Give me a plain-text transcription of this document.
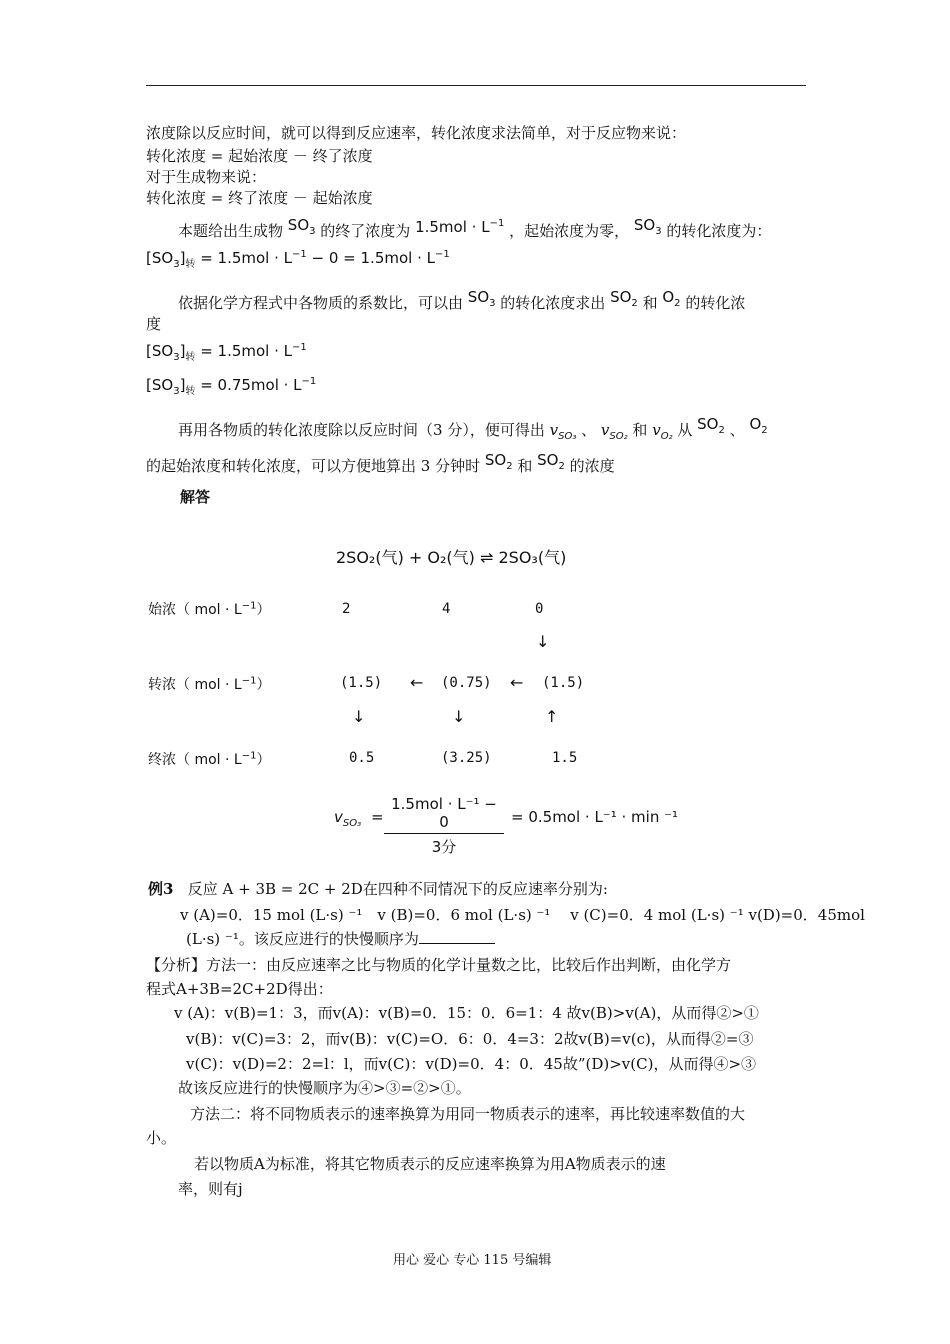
浓度除以反应时间，就可以得到反应速率，转化浓度求法简单，对于反应物来说：
转化浓度 = 起始浓度 － 终了浓度
对于生成物来说：
转化浓度 = 终了浓度 － 起始浓度
本题给出生成物 $SO_3$ 的终了浓度为 $1.5mol \cdot L^{-1}$ ，起始浓度为零， $SO_3$ 的转化浓度为：
$[SO_3]_转 = 1.5mol \cdot L^{-1} - 0 = 1.5mol \cdot L^{-1}$
依据化学方程式中各物质的系数比，可以由 $SO_3$ 的转化浓度求出 $SO_2$ 和 $O_2$ 的转化浓
度
$[SO_3]_转 = 1.5mol \cdot L^{-1}$
$[SO_3]_转 = 0.75mol \cdot L^{-1}$
再用各物质的转化浓度除以反应时间（3 分），便可得出 $v_{SO_3}$ 、 $v_{SO_2}$ 和 $v_{O_2}$ 从 $SO_2$ 、 $O_2$
的起始浓度和转化浓度，可以方便地算出 3 分钟时 $SO_2$ 和 $SO_2$ 的浓度
解答
2SO₂(气) + O₂(气) ⇌ 2SO₃(气)
始浓（ mol · $L^{-1}$）	2	4	0
↓
转浓（ mol · $L^{-1}$）	(1.5) ← (0.75) ← (1.5)
↓	↓	↑
终浓（ mol · $L^{-1}$）	0.5	(3.25)	1.5
$v_{SO_3}$ =
1.5mol · L⁻¹ − 0
3分
= 0.5mol · L⁻¹ · min ⁻¹
例3 反应 A + 3B = 2C + 2D在四种不同情况下的反应速率分别为:
v (A)=0．15 mol (L·s) ⁻¹　v (B)=0．6 mol (L·s) ⁻¹　 v (C)=0．4 mol (L·s) ⁻¹ v(D)=0．45mol
(L·s) ⁻¹。该反应进行的快慢顺序为
【分析】方法一：由反应速率之比与物质的化学计量数之比，比较后作出判断，由化学方
程式A+3B=2C+2D得出：
v (A)：v(B)=1：3，而v(A)：v(B)=0．15：0．6=1：4 故v(B)>v(A)，从而得②>①
v(B)：v(C)=3：2，而v(B)：v(C)=O．6：0．4=3：2故v(B)=v(c)，从而得②=③
v(C)：v(D)=2：2=l：l，而v(C)：v(D)=0．4：0．45故”(D)>v(C)，从而得④>③
故该反应进行的快慢顺序为④>③=②>①。
方法二：将不同物质表示的速率换算为用同一物质表示的速率，再比较速率数值的大
小。
若以物质A为标准，将其它物质表示的反应速率换算为用A物质表示的速
率，则有j
用心 爱心 专心 115 号编辑
